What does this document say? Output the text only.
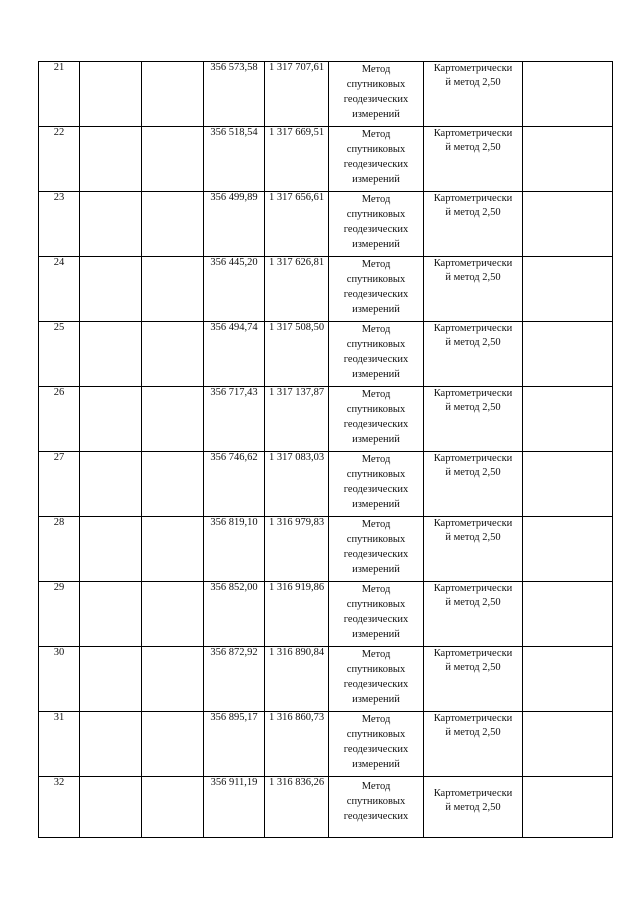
21			356 573,58	1 317 707,61	Метод
спутниковых
геодезических
измерений	Картометрически
й метод 2,50	

22			356 518,54	1 317 669,51	Метод
спутниковых
геодезических
измерений	Картометрически
й метод 2,50	

23			356 499,89	1 317 656,61	Метод
спутниковых
геодезических
измерений	Картометрически
й метод 2,50	

24			356 445,20	1 317 626,81	Метод
спутниковых
геодезических
измерений	Картометрически
й метод 2,50	

25			356 494,74	1 317 508,50	Метод
спутниковых
геодезических
измерений	Картометрически
й метод 2,50	

26			356 717,43	1 317 137,87	Метод
спутниковых
геодезических
измерений	Картометрически
й метод 2,50	

27			356 746,62	1 317 083,03	Метод
спутниковых
геодезических
измерений	Картометрически
й метод 2,50	

28			356 819,10	1 316 979,83	Метод
спутниковых
геодезических
измерений	Картометрически
й метод 2,50	

29			356 852,00	1 316 919,86	Метод
спутниковых
геодезических
измерений	Картометрически
й метод 2,50	

30			356 872,92	1 316 890,84	Метод
спутниковых
геодезических
измерений	Картометрически
й метод 2,50	

31			356 895,17	1 316 860,73	Метод
спутниковых
геодезических
измерений	Картометрически
й метод 2,50	

32			356 911,19	1 316 836,26	Метод
спутниковых
геодезических	Картометрически
й метод 2,50	
